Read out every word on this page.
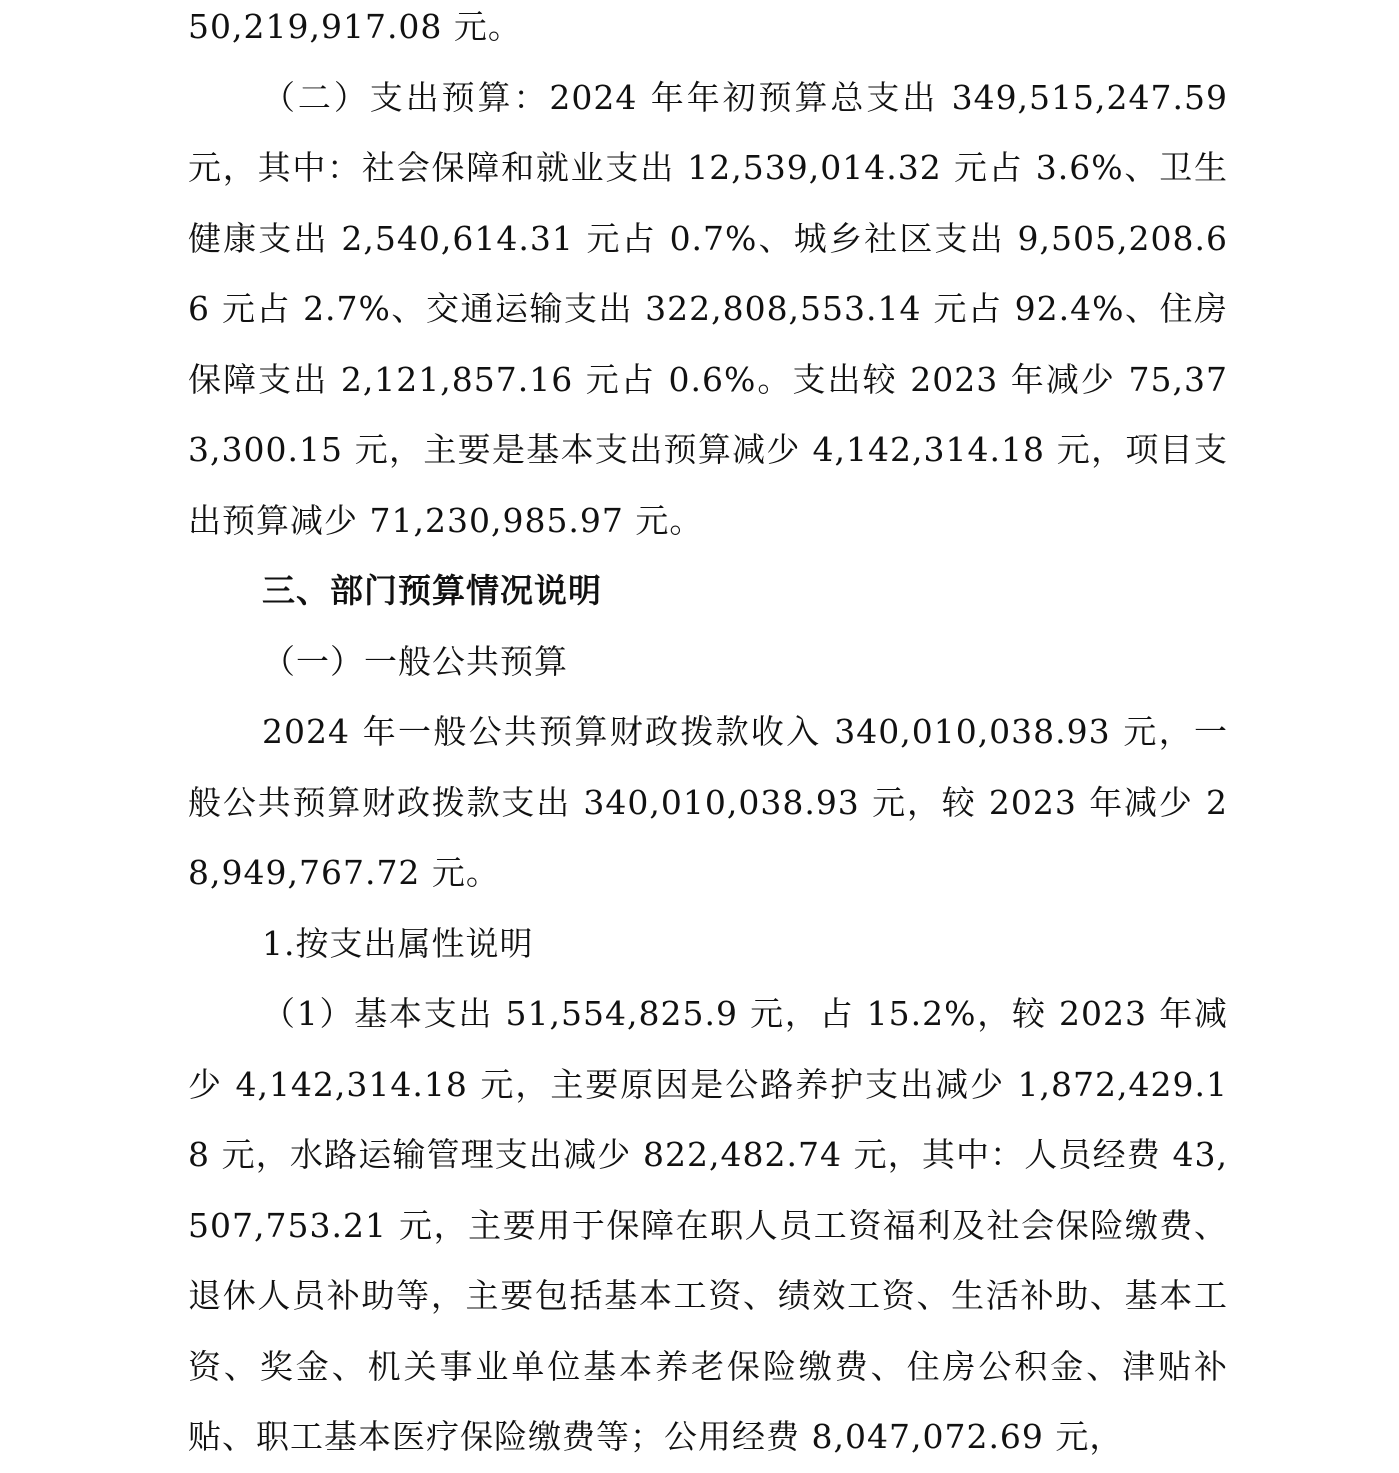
50,219,917.08 元。

（二）支出预算：2024 年年初预算总支出 349,515,247.59 元，其中：社会保障和就业支出 12,539,014.32 元占 3.6%、卫生健康支出 2,540,614.31 元占 0.7%、城乡社区支出 9,505,208.66 元占 2.7%、交通运输支出 322,808,553.14 元占 92.4%、住房保障支出 2,121,857.16 元占 0.6%。支出较 2023 年减少 75,373,300.15 元，主要是基本支出预算减少 4,142,314.18 元，项目支出预算减少 71,230,985.97 元。

三、部门预算情况说明

（一）一般公共预算

2024 年一般公共预算财政拨款收入 340,010,038.93 元，一般公共预算财政拨款支出 340,010,038.93 元，较 2023 年减少 28,949,767.72 元。

1.按支出属性说明

（1）基本支出 51,554,825.9 元，占 15.2%，较 2023 年减少 4,142,314.18 元，主要原因是公路养护支出减少 1,872,429.18 元，水路运输管理支出减少 822,482.74 元，其中：人员经费 43,507,753.21 元，主要用于保障在职人员工资福利及社会保险缴费、退休人员补助等，主要包括基本工资、绩效工资、生活补助、基本工资、奖金、机关事业单位基本养老保险缴费、住房公积金、津贴补贴、职工基本医疗保险缴费等；公用经费 8,047,072.69 元，
